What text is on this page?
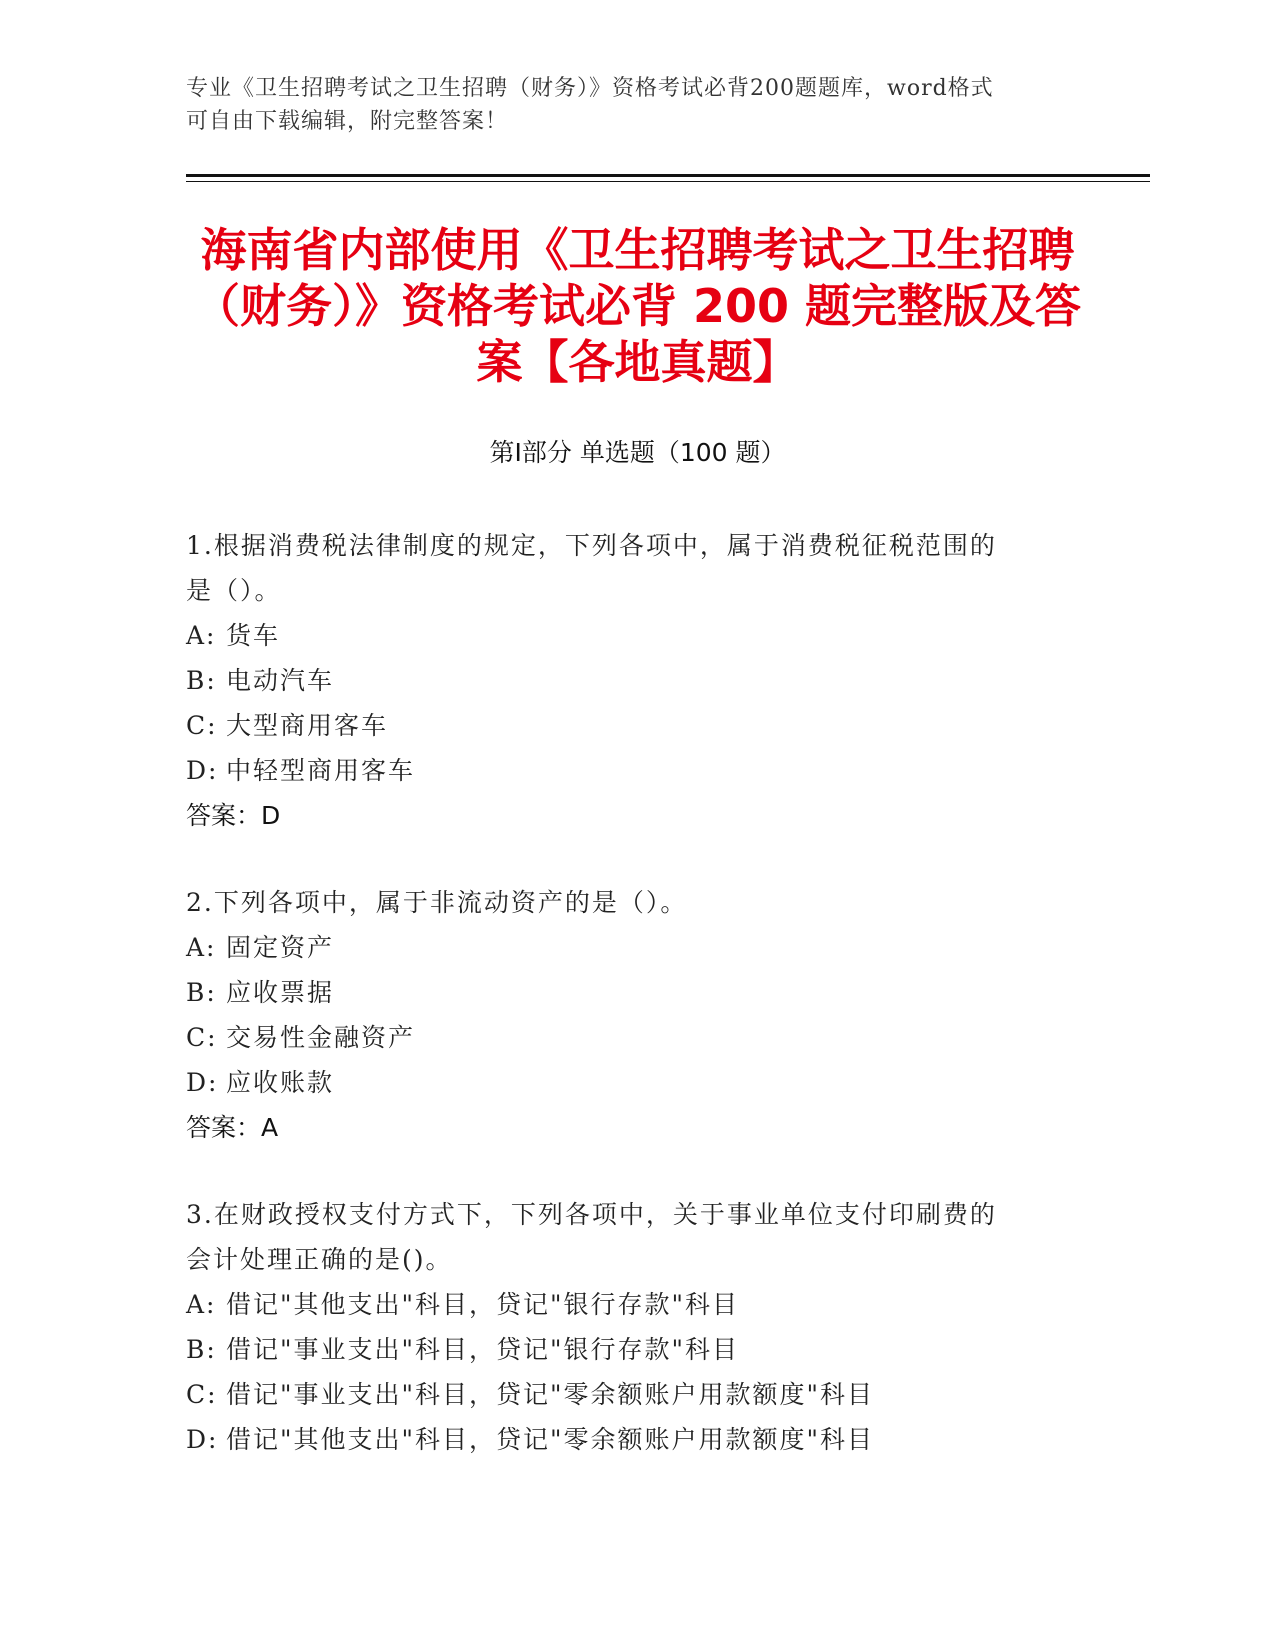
专业《卫生招聘考试之卫生招聘（财务）》资格考试必背200题题库，word格式
可自由下载编辑，附完整答案！
海南省内部使用《卫生招聘考试之卫生招聘
（财务）》资格考试必背 200 题完整版及答
案【各地真题】
第Ⅰ部分 单选题（100 题）
1.根据消费税法律制度的规定，下列各项中，属于消费税征税范围的
是（）。
A: 货车
B: 电动汽车
C: 大型商用客车
D: 中轻型商用客车
答案：D
2.下列各项中，属于非流动资产的是（）。
A: 固定资产
B: 应收票据
C: 交易性金融资产
D: 应收账款
答案：A
3.在财政授权支付方式下，下列各项中，关于事业单位支付印刷费的
会计处理正确的是()。
A: 借记"其他支出"科目，贷记"银行存款"科目
B: 借记"事业支出"科目，贷记"银行存款"科目
C: 借记"事业支出"科目，贷记"零余额账户用款额度"科目
D: 借记"其他支出"科目，贷记"零余额账户用款额度"科目
